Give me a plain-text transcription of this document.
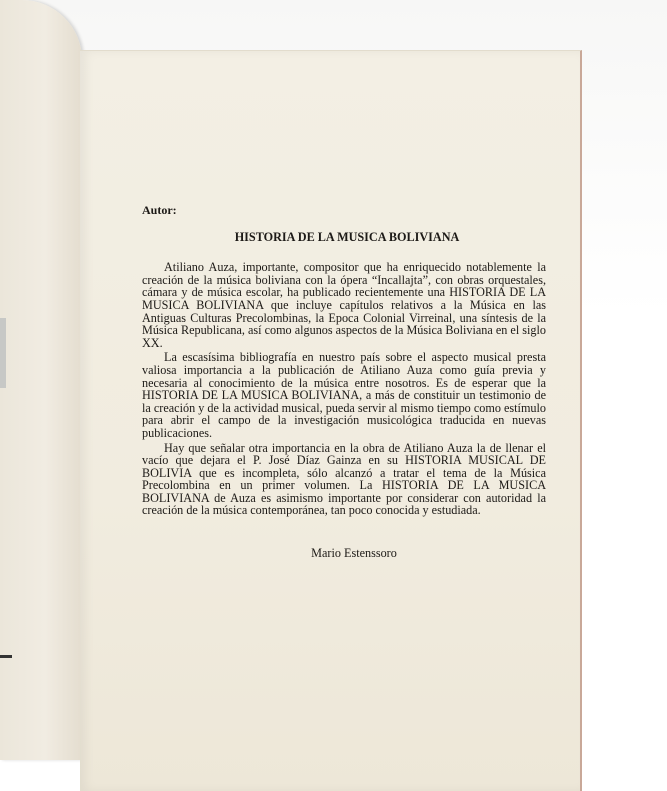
Autor:
HISTORIA DE LA MUSICA BOLIVIANA

Atiliano Auza, importante, compositor que ha enriquecido notablemente la creación de la música boliviana con la ópera “Incallajta”, con obras orquestales, cámara y de música escolar, ha publicado recientemente una HISTORIA DE LA MUSICA BOLIVIANA que incluye capítulos relativos a la Música en las Antiguas Culturas Precolombinas, la Epoca Colonial Virreinal, una síntesis de la Música Republicana, así como algunos aspectos de la Música Boliviana en el siglo XX.

La escasísima bibliografía en nuestro país sobre el aspecto musical presta valiosa importancia a la publicación de Atiliano Auza como guía previa y necesaria al conocimiento de la música entre nosotros. Es de esperar que la HISTORIA DE LA MUSICA BOLIVIANA, a más de constituir un testimonio de la creación y de la actividad musical, pueda servir al mismo tiempo como estímulo para abrir el campo de la investigación musicológica traducida en nuevas publicaciones.

Hay que señalar otra importancia en la obra de Atiliano Auza la de llenar el vacío que dejara el P. José Díaz Gainza en su HISTORIA MUSICAL DE BOLIVIA que es incompleta, sólo alcanzó a tratar el tema de la Música Precolombina en un primer volumen. La HISTORIA DE LA MUSICA BOLIVIANA de Auza es asimismo importante por considerar con autoridad la creación de la música contemporánea, tan poco conocida y estudiada.

Mario Estenssoro
